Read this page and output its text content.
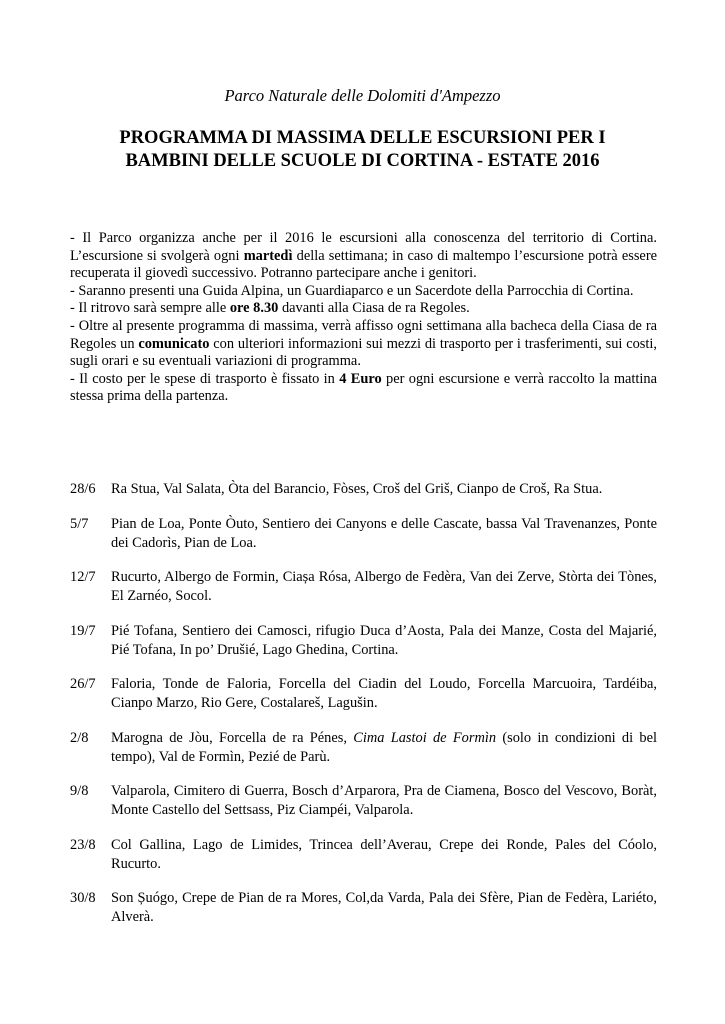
Parco Naturale delle Dolomiti d'Ampezzo
PROGRAMMA DI MASSIMA DELLE ESCURSIONI PER I
BAMBINI DELLE SCUOLE DI CORTINA - ESTATE 2016

- Il Parco organizza anche per il 2016 le escursioni alla conoscenza del territorio di Cortina. L’escursione si svolgerà ogni martedì della settimana; in caso di maltempo l’escursione potrà essere recuperata il giovedì successivo. Potranno partecipare anche i genitori.

- Saranno presenti una Guida Alpina, un Guardiaparco e un Sacerdote della Parrocchia di Cortina.

- Il ritrovo sarà sempre alle ore 8.30 davanti alla Ciasa de ra Regoles.

- Oltre al presente programma di massima, verrà affisso ogni settimana alla bacheca della Ciasa de ra Regoles un comunicato con ulteriori informazioni sui mezzi di trasporto per i trasferimenti, sui costi, sugli orari e su eventuali variazioni di programma.

- Il costo per le spese di trasporto è fissato in 4 Euro per ogni escursione e verrà raccolto la mattina stessa prima della partenza.

28/6	Ra Stua, Val Salata, Òta del Barancio, Fòses, Croš del Griš, Cianpo de Croš, Ra Stua.
5/7	Pian de Loa, Ponte Òuto, Sentiero dei Canyons e delle Cascate, bassa Val Travenanzes, Ponte dei Cadorìs, Pian de Loa.
12/7	Rucurto, Albergo de Formin, Ciașa Rósa, Albergo de Fedèra, Van dei Zerve, Stòrta dei Tònes, El Zarnéo, Socol.
19/7	Pié Tofana, Sentiero dei Camosci, rifugio Duca d’Aosta, Pala dei Manze, Costa del Majarié, Pié Tofana, In po’ Drušié, Lago Ghedina, Cortina.
26/7	Faloria, Tonde de Faloria, Forcella del Ciadin del Loudo, Forcella Marcuoira, Tardéiba, Cianpo Marzo, Rio Gere, Costalareš, Lagušin.
2/8	Marogna de Jòu, Forcella de ra Pénes, Cima Lastoi de Formìn (solo in condizioni di bel tempo), Val de Formìn, Pezié de Parù.
9/8	Valparola, Cimitero di Guerra, Bosch d’Arparora, Pra de Ciamena, Bosco del Vescovo, Boràt, Monte Castello del Settsass, Piz Ciampéi, Valparola.
23/8	Col Gallina, Lago de Limides, Trincea dell’Averau, Crepe dei Ronde, Pales del Cóolo, Rucurto.
30/8	Son Șuógo, Crepe de Pian de ra Mores, Col,da Varda, Pala dei Sfère, Pian de Fedèra, Lariéto, Alverà.
